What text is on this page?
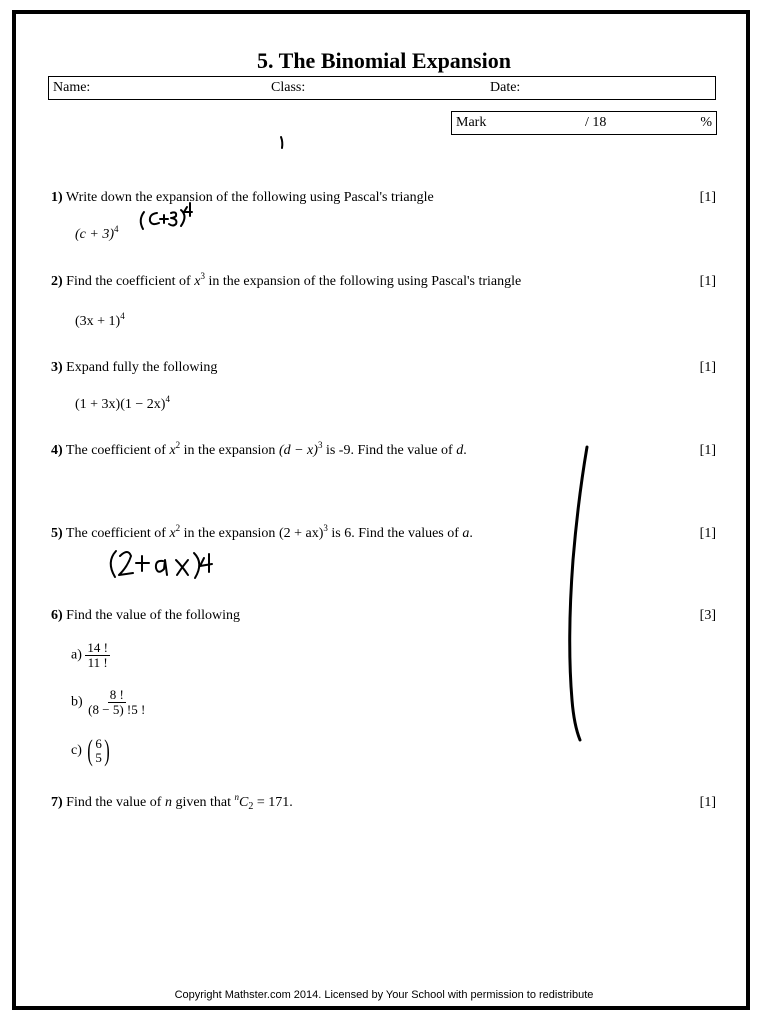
5. The Binomial Expansion
Name:	Class:	Date:
Mark	/ 18	%
1) Write down the expansion of the following using Pascal's triangle	[1]
$(c + 3)^4$
2) Find the coefficient of $x^3$ in the expansion of the following using Pascal's triangle	[1]
$(3x + 1)^4$
3) Expand fully the following	[1]
$(1 + 3x)(1 - 2x)^4$
4) The coefficient of $x^2$ in the expansion $(d - x)^3$ is -9. Find the value of d.	[1]
5) The coefficient of $x^2$ in the expansion (2 + ax)$^3$ is 6. Find the values of a.	[1]
6) Find the value of the following	[3]
$a) \frac{14 !}{11 !}$
$b) \frac{8 !}{(8 - 5) !5 !}$
c) ( 6
5 )
7) Find the value of n given that $^nC_2 = 171$.	[1]
Copyright Mathster.com 2014. Licensed by Your School with permission to redistribute
